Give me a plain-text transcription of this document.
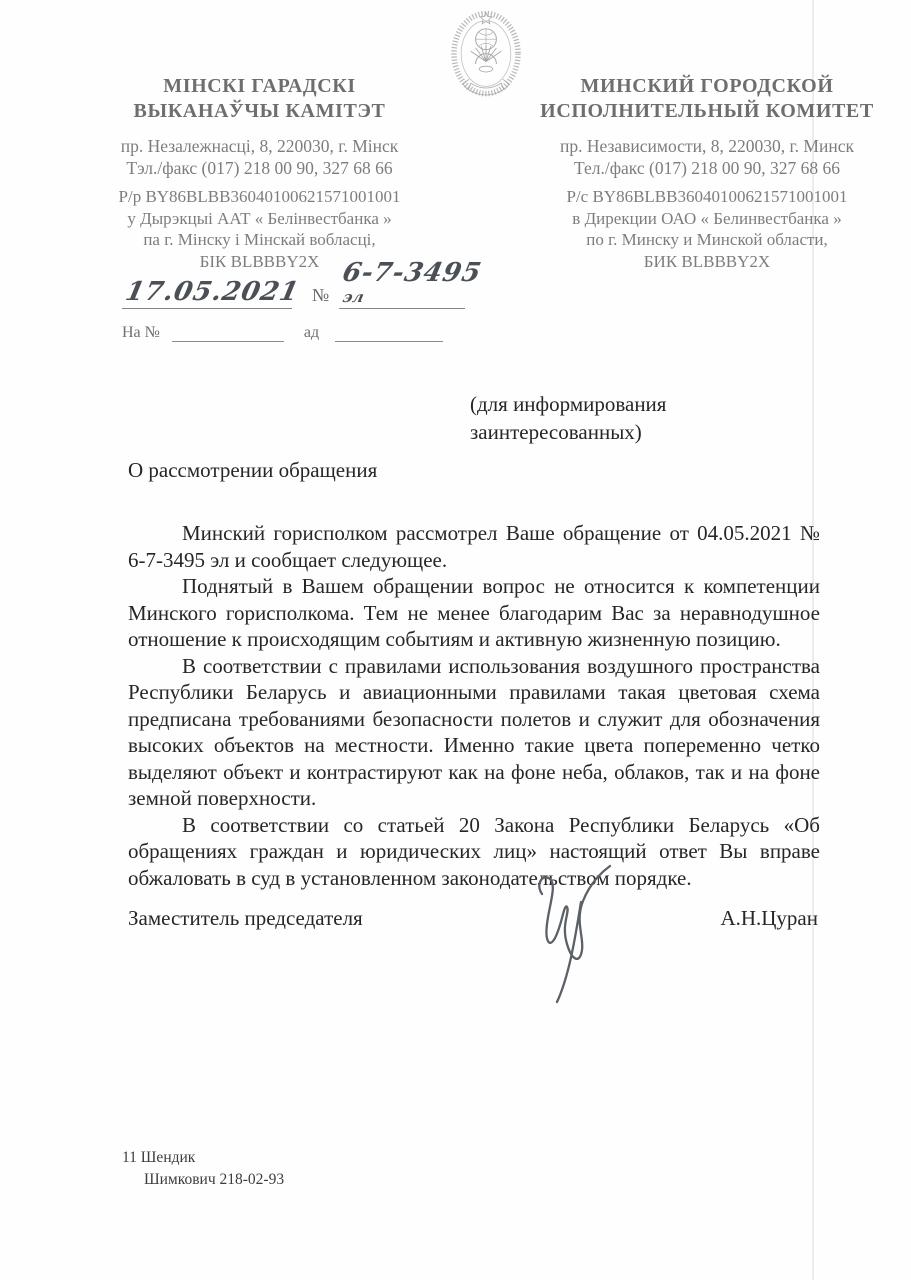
МІНСКІ ГАРАДСКІ
ВЫКАНАЎЧЫ КАМІТЭТ
пр. Незалежнасці, 8, 220030, г. Мінск
Тэл./факс (017) 218 00 90, 327 68 66
Р/р BY86BLBB36040100621571001001
у Дырэкцыі ААТ « Белінвестбанка »
па г. Мінску і Мінскай вобласці,
БІК BLBBBY2X
МИНСКИЙ ГОРОДСКОЙ
ИСПОЛНИТЕЛЬНЫЙ КОМИТЕТ
пр. Независимости, 8, 220030, г. Минск
Тел./факс (017) 218 00 90, 327 68 66
Р/с BY86BLBB36040100621571001001
в Дирекции ОАО « Белинвестбанка »
по г. Минску и Минской области,
БИК BLBBBY2X
17.05.2021 №
6-7-3495эл
На №	ад
(для информирования
заинтересованных)
О рассмотрении обращения

Минский горисполком рассмотрел Ваше обращение от 04.05.2021 № 6-7-3495 эл и сообщает следующее.

Поднятый в Вашем обращении вопрос не относится к компетенции Минского горисполкома. Тем не менее благодарим Вас за неравнодушное отношение к происходящим событиям и активную жизненную позицию.

В соответствии с правилами использования воздушного пространства Республики Беларусь и авиационными правилами такая цветовая схема предписана требованиями безопасности полетов и служит для обозначения высоких объектов на местности. Именно такие цвета попеременно четко выделяют объект и контрастируют как на фоне неба, облаков, так и на фоне земной поверхности.

В соответствии со статьей 20 Закона Республики Беларусь «Об обращениях граждан и юридических лиц» настоящий ответ Вы вправе обжаловать в суд в установленном законодательством порядке.

Заместитель председателя	А.Н.Цуран
11 Шендик
Шимкович 218-02-93
